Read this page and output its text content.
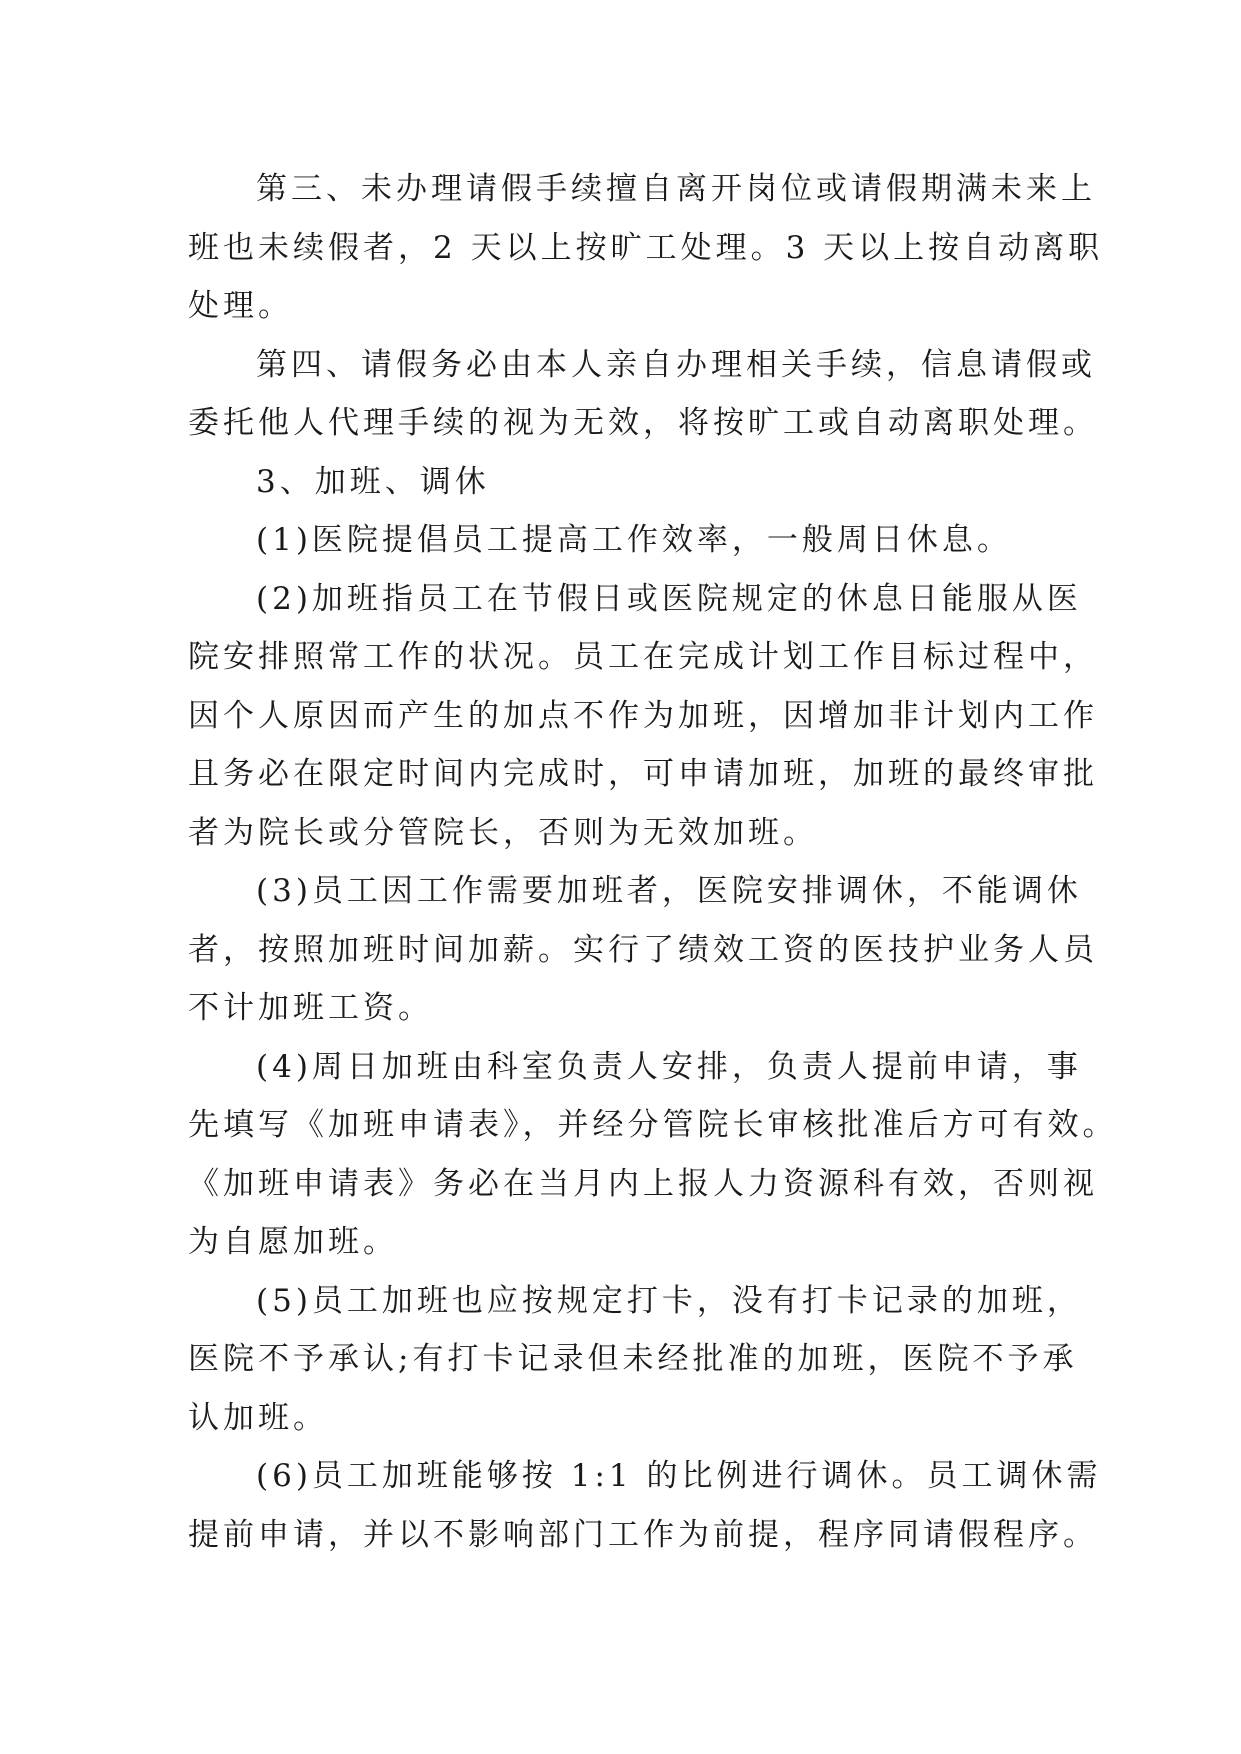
第三、未办理请假手续擅自离开岗位或请假期满未来上
班也未续假者，2 天以上按旷工处理。3 天以上按自动离职
处理。

第四、请假务必由本人亲自办理相关手续，信息请假或
委托他人代理手续的视为无效，将按旷工或自动离职处理。

3、加班、调休

(1)医院提倡员工提高工作效率，一般周日休息。

(2)加班指员工在节假日或医院规定的休息日能服从医
院安排照常工作的状况。员工在完成计划工作目标过程中，
因个人原因而产生的加点不作为加班，因增加非计划内工作
且务必在限定时间内完成时，可申请加班，加班的最终审批
者为院长或分管院长，否则为无效加班。

(3)员工因工作需要加班者，医院安排调休，不能调休
者，按照加班时间加薪。实行了绩效工资的医技护业务人员
不计加班工资。

(4)周日加班由科室负责人安排，负责人提前申请，事
先填写《加班申请表》，并经分管院长审核批准后方可有效。
《加班申请表》务必在当月内上报人力资源科有效，否则视
为自愿加班。

(5)员工加班也应按规定打卡，没有打卡记录的加班，
医院不予承认;有打卡记录但未经批准的加班，医院不予承
认加班。

(6)员工加班能够按 1:1 的比例进行调休。员工调休需
提前申请，并以不影响部门工作为前提，程序同请假程序。
